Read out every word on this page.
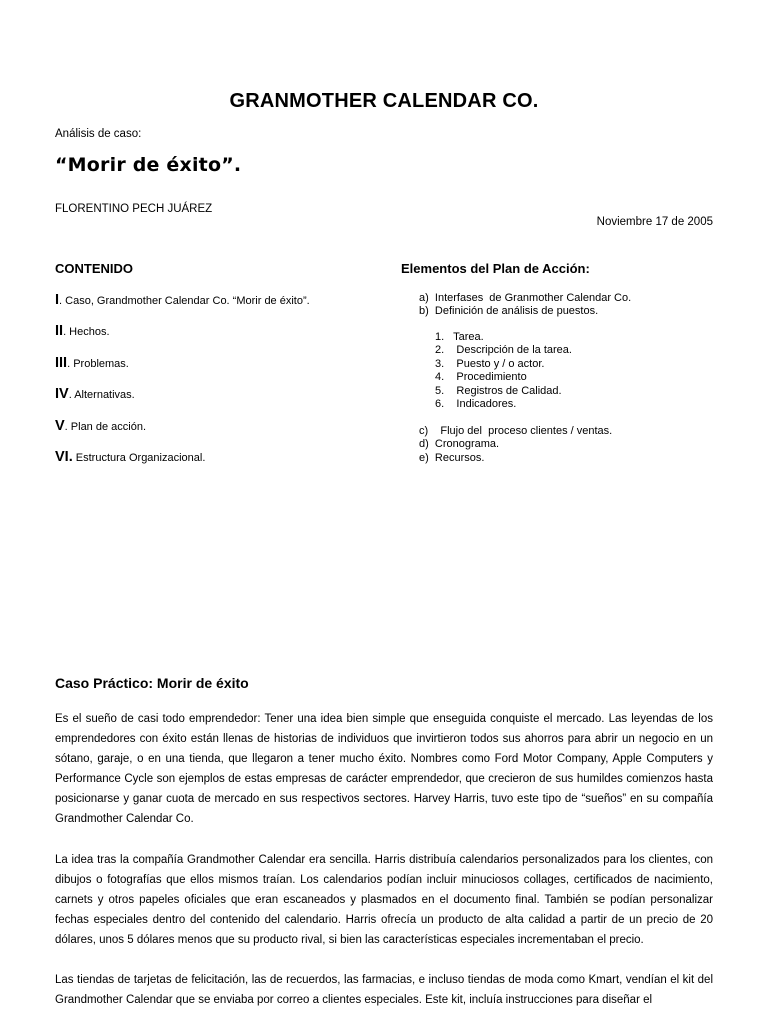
GRANMOTHER CALENDAR CO.
Análisis de caso:
“Morir de éxito”.
FLORENTINO PECH JUÁREZ
Noviembre 17 de 2005
CONTENIDO
I. Caso, Grandmother Calendar Co. “Morir de éxito”.
II. Hechos.
III. Problemas.
IV. Alternativas.
V. Plan de acción.
VI. Estructura Organizacional.
Elementos del Plan de Acción:
a)  Interfases  de Granmother Calendar Co.
b)  Definición de análisis de puestos.
1.   Tarea.
2.    Descripción de la tarea.
3.    Puesto y / o actor.
4.    Procedimiento
5.    Registros de Calidad.
6.    Indicadores.
c)    Flujo del  proceso clientes / ventas.
d)  Cronograma.
e)  Recursos.
Caso Práctico: Morir de éxito

Es el sueño de casi todo emprendedor: Tener una idea bien simple que enseguida conquiste el mercado. Las leyendas de los emprendedores con éxito están llenas de historias de individuos que invirtieron todos sus ahorros para abrir un negocio en un sótano, garaje, o en una tienda, que llegaron a tener mucho éxito. Nombres como Ford Motor Company, Apple Computers y Performance Cycle son ejemplos de estas empresas de carácter emprendedor, que crecieron de sus humildes comienzos hasta posicionarse y ganar cuota de mercado en sus respectivos sectores. Harvey Harris, tuvo este tipo de “sueños” en su compañía Grandmother Calendar Co.

La idea tras la compañía Grandmother Calendar era sencilla. Harris distribuía calendarios personalizados para los clientes, con dibujos o fotografías que ellos mismos traían. Los calendarios podían incluir minuciosos collages, certificados de nacimiento, carnets y otros papeles oficiales que eran escaneados y plasmados en el documento final. También se podían personalizar fechas especiales dentro del contenido del calendario. Harris ofrecía un producto de alta calidad a partir de un precio de 20 dólares, unos 5 dólares menos que su producto rival, si bien las características especiales incrementaban el precio.

Las tiendas de tarjetas de felicitación, las de recuerdos, las farmacias, e incluso tiendas de moda como Kmart, vendían el kit del Grandmother Calendar que se enviaba por correo a clientes especiales. Este kit, incluía instrucciones para diseñar el
